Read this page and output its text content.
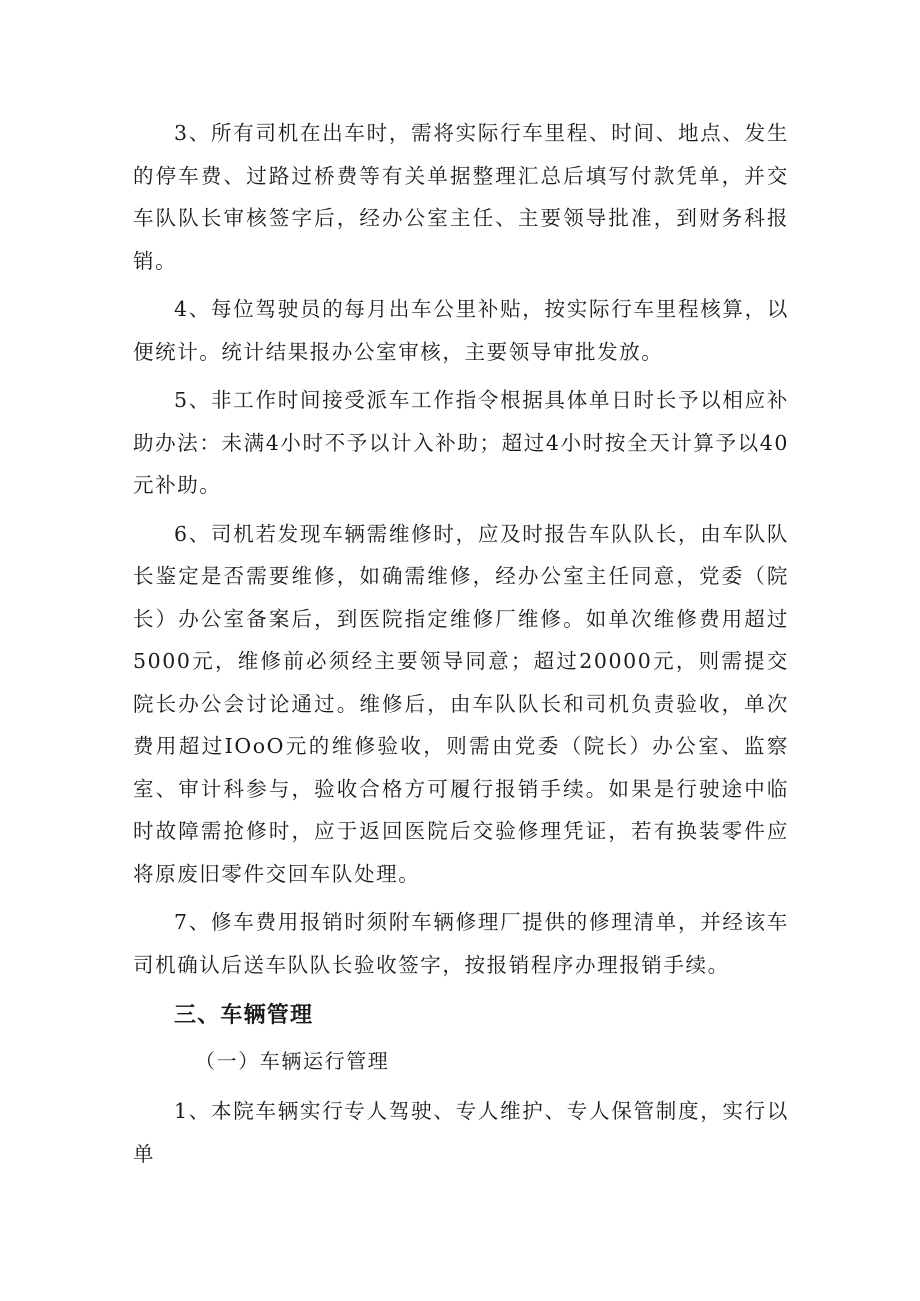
3、所有司机在出车时，需将实际行车里程、时间、地点、发生的停车费、过路过桥费等有关单据整理汇总后填写付款凭单，并交车队队长审核签字后，经办公室主任、主要领导批准，到财务科报销。

4、每位驾驶员的每月出车公里补贴，按实际行车里程核算，以便统计。统计结果报办公室审核，主要领导审批发放。

5、非工作时间接受派车工作指令根据具体单日时长予以相应补助办法：未满4小时不予以计入补助；超过4小时按全天计算予以40元补助。

6、司机若发现车辆需维修时，应及时报告车队队长，由车队队长鉴定是否需要维修，如确需维修，经办公室主任同意，党委（院长）办公室备案后，到医院指定维修厂维修。如单次维修费用超过5000元，维修前必须经主要领导同意；超过20000元，则需提交院长办公会讨论通过。维修后，由车队队长和司机负责验收，单次费用超过IOoO元的维修验收，则需由党委（院长）办公室、监察室、审计科参与，验收合格方可履行报销手续。如果是行驶途中临时故障需抢修时，应于返回医院后交验修理凭证，若有换装零件应将原废旧零件交回车队处理。

7、修车费用报销时须附车辆修理厂提供的修理清单，并经该车司机确认后送车队队长验收签字，按报销程序办理报销手续。

三、车辆管理
（一）车辆运行管理

1、本院车辆实行专人驾驶、专人维护、专人保管制度，实行以单
